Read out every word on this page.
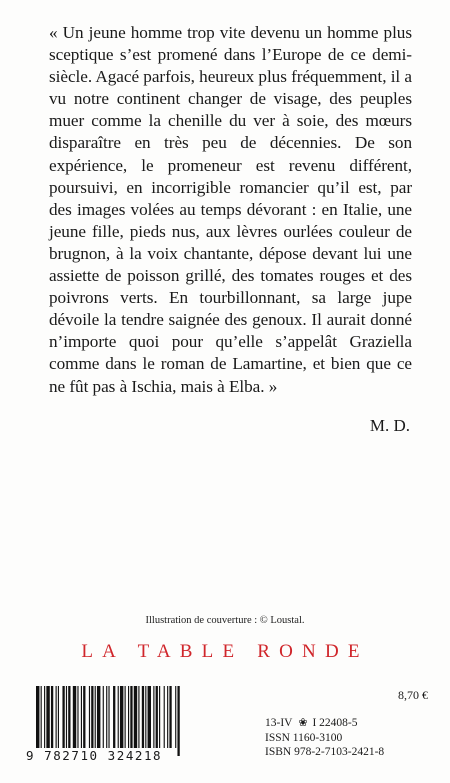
« Un jeune homme trop vite devenu un homme plus sceptique s’est promené dans l’Europe de ce demi-siècle. Agacé parfois, heureux plus fréquemment, il a vu notre continent changer de visage, des peuples muer comme la chenille du ver à soie, des mœurs disparaître en très peu de décennies. De son expérience, le promeneur est revenu différent, poursuivi, en incorrigible romancier qu’il est, par des images volées au temps dévorant : en Italie, une jeune fille, pieds nus, aux lèvres ourlées couleur de brugnon, à la voix chantante, dépose devant lui une assiette de poisson grillé, des tomates rouges et des poivrons verts. En tourbillonnant, sa large jupe dévoile la tendre saignée des genoux. Il aurait donné n’importe quoi pour qu’elle s’appelât Graziella comme dans le roman de Lamartine, et bien que ce ne fût pas à Ischia, mais à Elba. »

M. D.
Illustration de couverture : © Loustal.
LA TABLE RONDE
9 782710 324218
8,70 €
13-IV ❀ I 22408-5
ISSN 1160-3100
ISBN 978-2-7103-2421-8
